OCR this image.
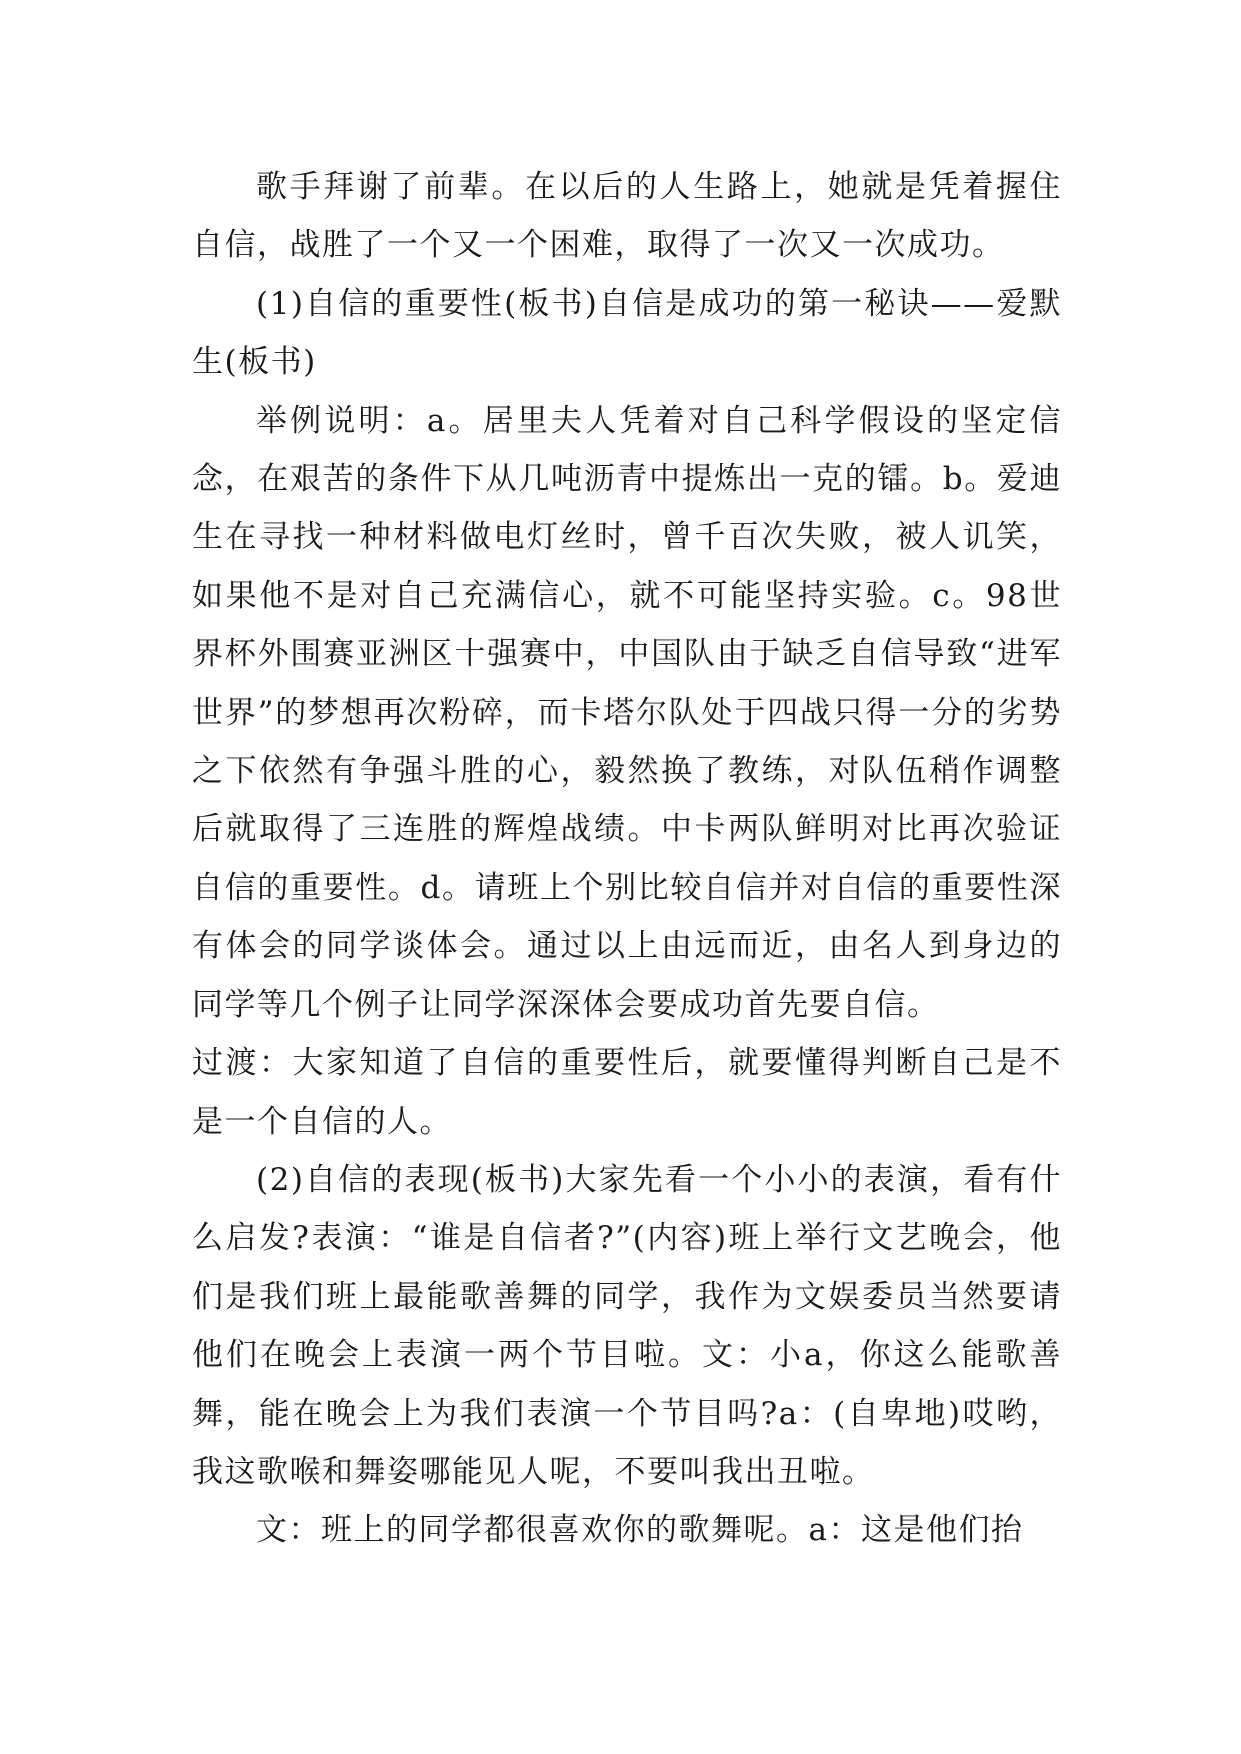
歌手拜谢了前辈。在以后的人生路上，她就是凭着握住自信，战胜了一个又一个困难，取得了一次又一次成功。

(1)自信的重要性(板书)自信是成功的第一秘诀——爱默生(板书)

举例说明：a。居里夫人凭着对自己科学假设的坚定信念，在艰苦的条件下从几吨沥青中提炼出一克的镭。b。爱迪生在寻找一种材料做电灯丝时，曾千百次失败，被人讥笑，如果他不是对自己充满信心，就不可能坚持实验。c。98世界杯外围赛亚洲区十强赛中，中国队由于缺乏自信导致“进军世界”的梦想再次粉碎，而卡塔尔队处于四战只得一分的劣势之下依然有争强斗胜的心，毅然换了教练，对队伍稍作调整后就取得了三连胜的辉煌战绩。中卡两队鲜明对比再次验证自信的重要性。d。请班上个别比较自信并对自信的重要性深有体会的同学谈体会。通过以上由远而近，由名人到身边的同学等几个例子让同学深深体会要成功首先要自信。

过渡：大家知道了自信的重要性后，就要懂得判断自己是不是一个自信的人。

(2)自信的表现(板书)大家先看一个小小的表演，看有什么启发?表演：“谁是自信者?”(内容)班上举行文艺晚会，他们是我们班上最能歌善舞的同学，我作为文娱委员当然要请他们在晚会上表演一两个节目啦。文：小a，你这么能歌善舞，能在晚会上为我们表演一个节目吗?a：(自卑地)哎哟，我这歌喉和舞姿哪能见人呢，不要叫我出丑啦。

文：班上的同学都很喜欢你的歌舞呢。a：这是他们抬
